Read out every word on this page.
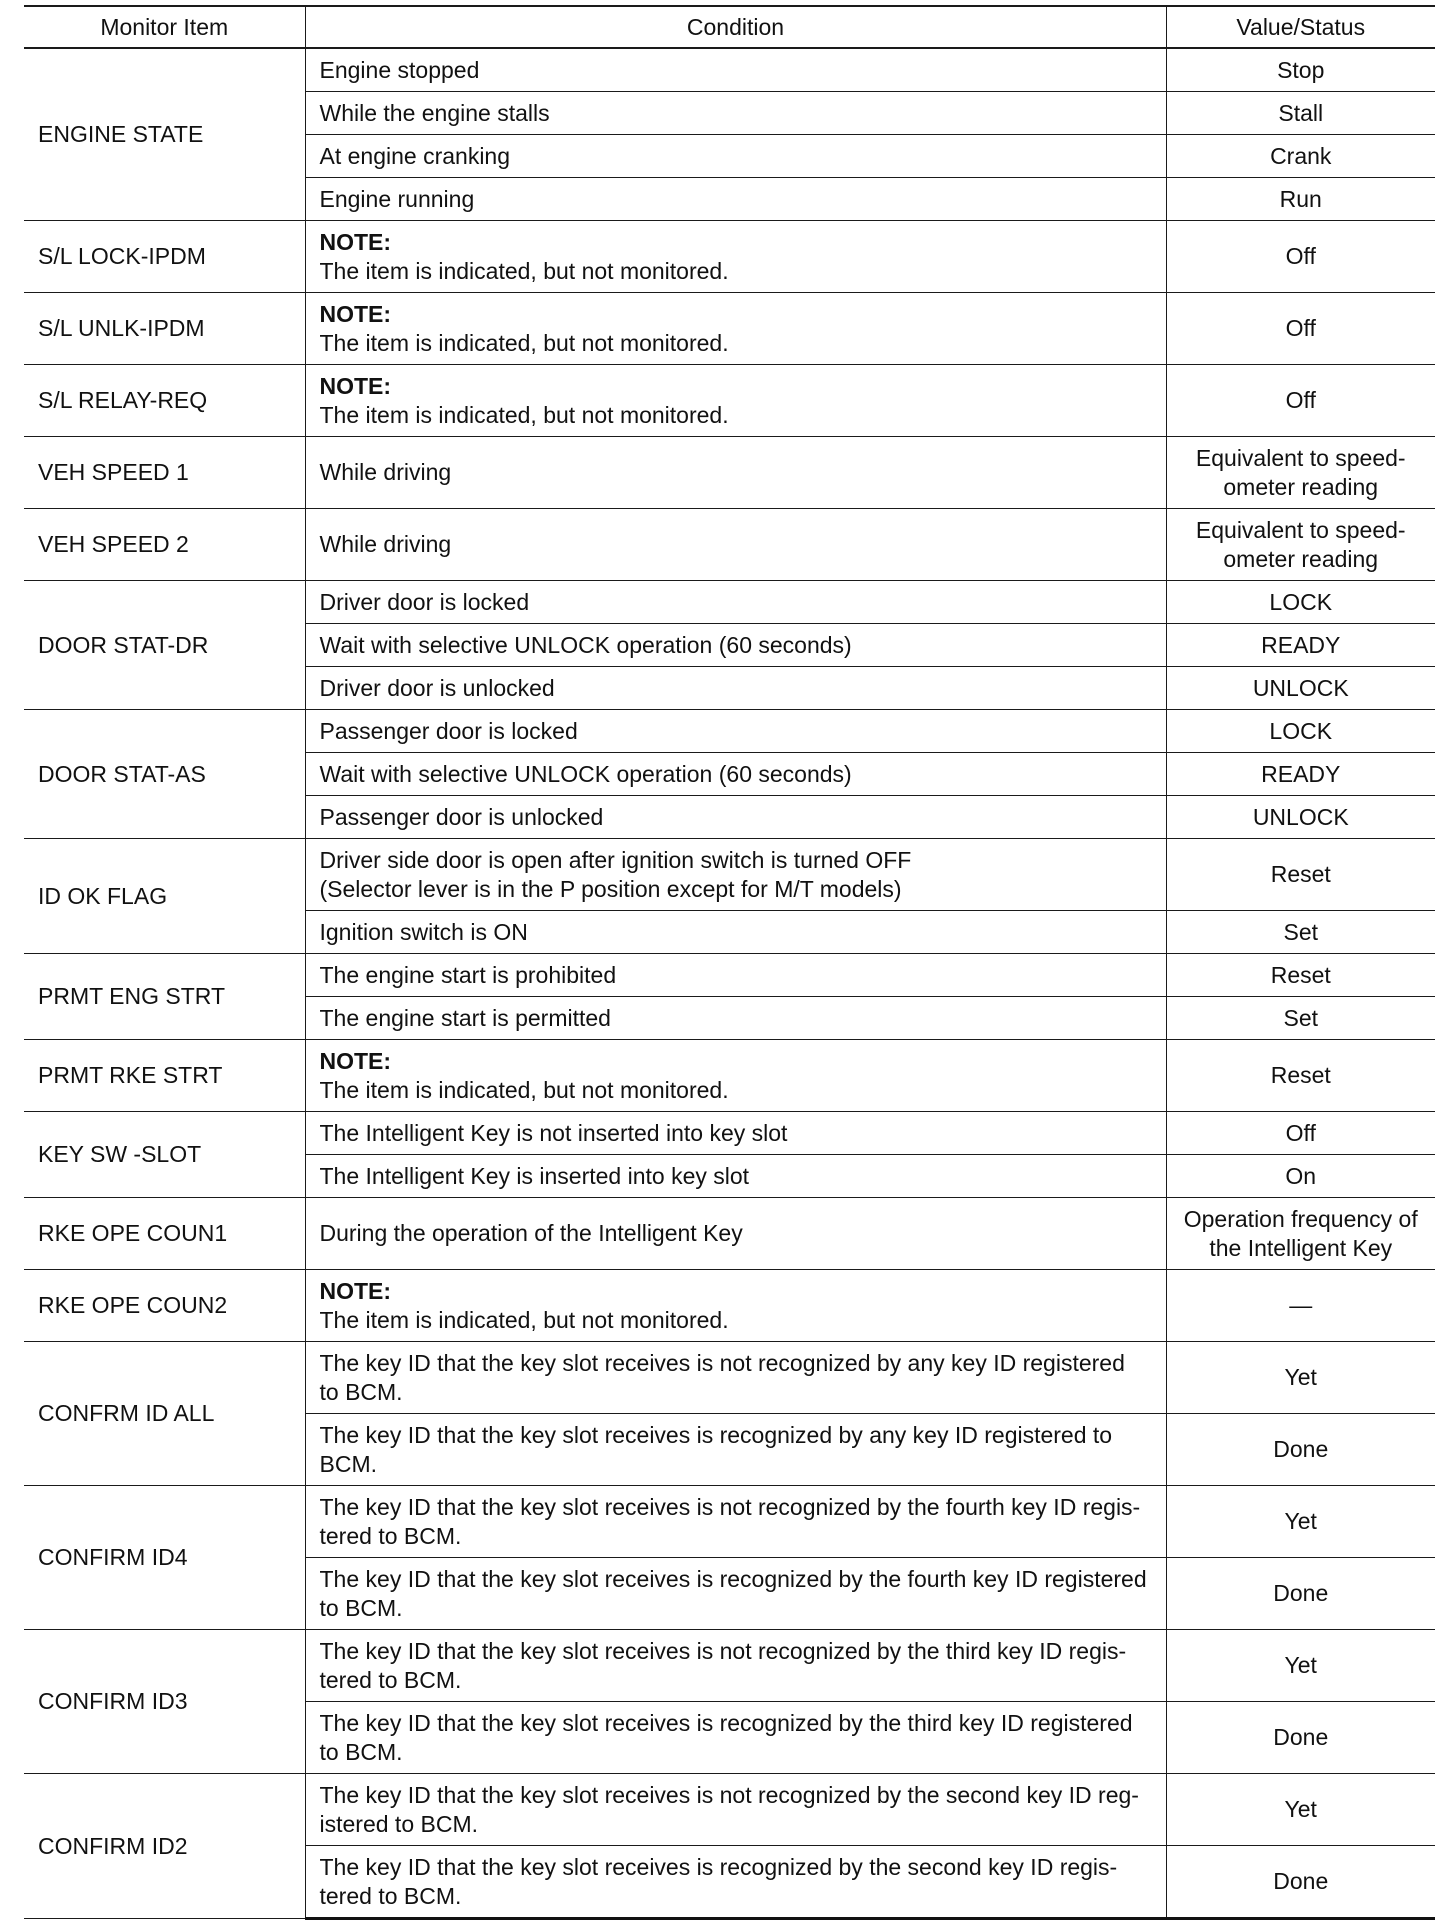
Monitor Item	Condition	Value/Status
ENGINE STATE	Engine stopped	Stop

	While the engine stalls	Stall

	At engine cranking	Crank

	Engine running	Run

S/L LOCK-IPDM	NOTE:
The item is indicated, but not monitored.	Off

S/L UNLK-IPDM	NOTE:
The item is indicated, but not monitored.	Off

S/L RELAY-REQ	NOTE:
The item is indicated, but not monitored.	Off

VEH SPEED 1	While driving	Equivalent to speed-
ometer reading

VEH SPEED 2	While driving	Equivalent to speed-
ometer reading

DOOR STAT-DR	Driver door is locked	LOCK

	Wait with selective UNLOCK operation (60 seconds)	READY

	Driver door is unlocked	UNLOCK

DOOR STAT-AS	Passenger door is locked	LOCK

	Wait with selective UNLOCK operation (60 seconds)	READY

	Passenger door is unlocked	UNLOCK

ID OK FLAG	Driver side door is open after ignition switch is turned OFF
(Selector lever is in the P position except for M/T models)	Reset

	Ignition switch is ON	Set

PRMT ENG STRT	The engine start is prohibited	Reset

	The engine start is permitted	Set

PRMT RKE STRT	NOTE:
The item is indicated, but not monitored.	Reset

KEY SW -SLOT	The Intelligent Key is not inserted into key slot	Off

	The Intelligent Key is inserted into key slot	On

RKE OPE COUN1	During the operation of the Intelligent Key	Operation frequency of
the Intelligent Key

RKE OPE COUN2	NOTE:
The item is indicated, but not monitored.	—

CONFRM ID ALL	The key ID that the key slot receives is not recognized by any key ID registered
to BCM.	Yet

	The key ID that the key slot receives is recognized by any key ID registered to
BCM.	Done

CONFIRM ID4	The key ID that the key slot receives is not recognized by the fourth key ID regis-
tered to BCM.	Yet

	The key ID that the key slot receives is recognized by the fourth key ID registered
to BCM.	Done

CONFIRM ID3	The key ID that the key slot receives is not recognized by the third key ID regis-
tered to BCM.	Yet

	The key ID that the key slot receives is recognized by the third key ID registered
to BCM.	Done

CONFIRM ID2	The key ID that the key slot receives is not recognized by the second key ID reg-
istered to BCM.	Yet

	The key ID that the key slot receives is recognized by the second key ID regis-
tered to BCM.	Done
